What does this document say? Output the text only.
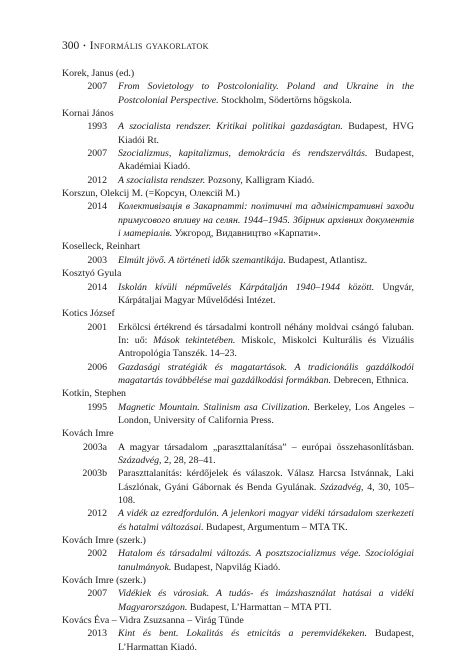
300 • Informális gyakorlatok
Korek, Janus (ed.)
2007 From Sovietology to Postcoloniality. Poland and Ukraine in the Postcolonial Perspective. Stockholm, Södertörns högskola.
Kornai János
1993 A szocialista rendszer. Kritikai politikai gazdaságtan. Budapest, HVG Kiadói Rt.
2007 Szocializmus, kapitalizmus, demokrácia és rendszerváltás. Budapest, Akadémiai Kiadó.
2012 A szocialista rendszer. Pozsony, Kalligram Kiadó.
Korszun, Olekcij M. (=Корсун, Олексій М.)
2014 Колективізація в Закарпатті: політичні та адміністративні заходи примусового впливу на селян. 1944–1945. Збірник архівних документів і матеріалів. Ужгород, Видавництво «Карпати».
Koselleck, Reinhart
2003 Elmúlt jövő. A történeti idők szemantikája. Budapest, Atlantisz.
Kosztyó Gyula
2014 Iskolán kívüli népművelés Kárpátalján 1940–1944 között. Ungvár, Kárpátaljai Magyar Művelődési Intézet.
Kotics József
2001 Erkölcsi értékrend és társadalmi kontroll néhány moldvai csángó faluban. In: uő: Mások tekintetében. Miskolc, Miskolci Kulturális és Vizuális Antropológia Tanszék. 14–23.
2006 Gazdasági stratégiák és magatartások. A tradicionális gazdálkodói magatartás továbbélése mai gazdálkodási formákban. Debrecen, Ethnica.
Kotkin, Stephen
1995 Magnetic Mountain. Stalinism asa Civilization. Berkeley, Los Angeles – London, University of California Press.
Kovách Imre
2003a A magyar társadalom „paraszttalanítása” – európai összehasonlításban. Századvég, 2, 28, 28–41.
2003b Paraszttalanítás: kérdőjelek és válaszok. Válasz Harcsa Istvánnak, Laki Lászlónak, Gyáni Gábornak és Benda Gyulának. Századvég, 4, 30, 105–108.
2012 A vidék az ezredfordulón. A jelenkori magyar vidéki társadalom szerkezeti és hatalmi változásai. Budapest, Argumentum – MTA TK.
Kovách Imre (szerk.)
2002 Hatalom és társadalmi változás. A posztszocializmus vége. Szociológiai tanulmányok. Budapest, Napvilág Kiadó.
Kovách Imre (szerk.)
2007 Vidékiek és városiak. A tudás- és imázshasználat hatásai a vidéki Magyarországon. Budapest, L’Harmattan – MTA PTI.
Kovács Éva – Vidra Zsuzsanna – Virág Tünde
2013 Kint és bent. Lokalitás és etnicitás a peremvidékeken. Budapest, L’Harmattan Kiadó.
